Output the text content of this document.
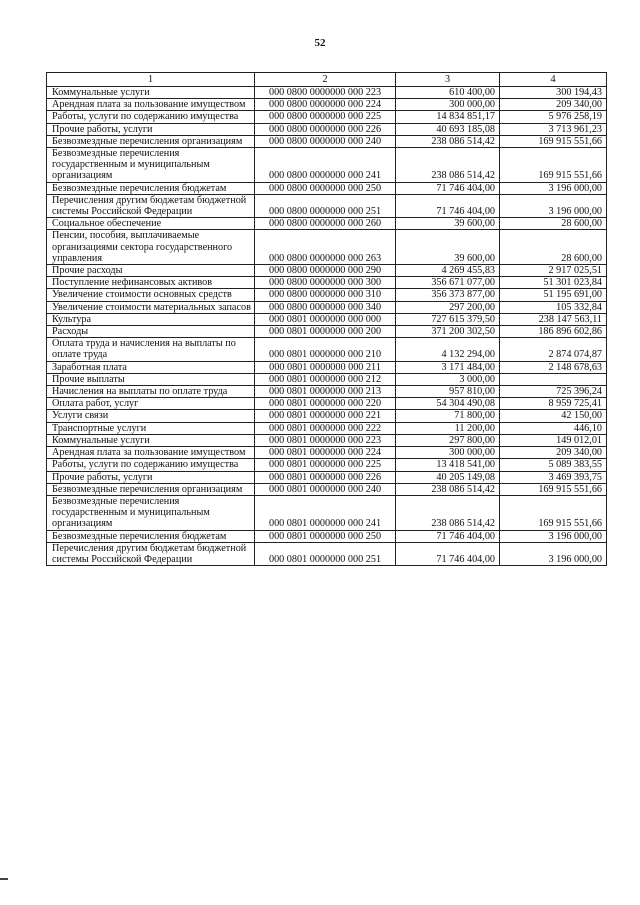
52
1	2	3	4
Коммунальные услуги	000 0800 0000000 000 223	610 400,00	300 194,43
Арендная плата за пользование имуществом	000 0800 0000000 000 224	300 000,00	209 340,00
Работы, услуги по содержанию имущества	000 0800 0000000 000 225	14 834 851,17	5 976 258,19
Прочие работы, услуги	000 0800 0000000 000 226	40 693 185,08	3 713 961,23
Безвозмездные перечисления организациям	000 0800 0000000 000 240	238 086 514,42	169 915 551,66
Безвозмездные перечисления государственным и муниципальным организациям	000 0800 0000000 000 241	238 086 514,42	169 915 551,66
Безвозмездные перечисления бюджетам	000 0800 0000000 000 250	71 746 404,00	3 196 000,00
Перечисления другим бюджетам бюджетной системы Российской Федерации	000 0800 0000000 000 251	71 746 404,00	3 196 000,00
Социальное обеспечение	000 0800 0000000 000 260	39 600,00	28 600,00
Пенсии, пособия, выплачиваемые организациями сектора государственного управления	000 0800 0000000 000 263	39 600,00	28 600,00
Прочие расходы	000 0800 0000000 000 290	4 269 455,83	2 917 025,51
Поступление нефинансовых активов	000 0800 0000000 000 300	356 671 077,00	51 301 023,84
Увеличение стоимости основных средств	000 0800 0000000 000 310	356 373 877,00	51 195 691,00
Увеличение стоимости материальных запасов	000 0800 0000000 000 340	297 200,00	105 332,84
Культура	000 0801 0000000 000 000	727 615 379,50	238 147 563,11
Расходы	000 0801 0000000 000 200	371 200 302,50	186 896 602,86
Оплата труда и начисления на выплаты по оплате труда	000 0801 0000000 000 210	4 132 294,00	2 874 074,87
Заработная плата	000 0801 0000000 000 211	3 171 484,00	2 148 678,63
Прочие выплаты	000 0801 0000000 000 212	3 000,00	
Начисления на выплаты по оплате труда	000 0801 0000000 000 213	957 810,00	725 396,24
Оплата работ, услуг	000 0801 0000000 000 220	54 304 490,08	8 959 725,41
Услуги связи	000 0801 0000000 000 221	71 800,00	42 150,00
Транспортные услуги	000 0801 0000000 000 222	11 200,00	446,10
Коммунальные услуги	000 0801 0000000 000 223	297 800,00	149 012,01
Арендная плата за пользование имуществом	000 0801 0000000 000 224	300 000,00	209 340,00
Работы, услуги по содержанию имущества	000 0801 0000000 000 225	13 418 541,00	5 089 383,55
Прочие работы, услуги	000 0801 0000000 000 226	40 205 149,08	3 469 393,75
Безвозмездные перечисления организациям	000 0801 0000000 000 240	238 086 514,42	169 915 551,66
Безвозмездные перечисления государственным и муниципальным организациям	000 0801 0000000 000 241	238 086 514,42	169 915 551,66
Безвозмездные перечисления бюджетам	000 0801 0000000 000 250	71 746 404,00	3 196 000,00
Перечисления другим бюджетам бюджетной системы Российской Федерации	000 0801 0000000 000 251	71 746 404,00	3 196 000,00
